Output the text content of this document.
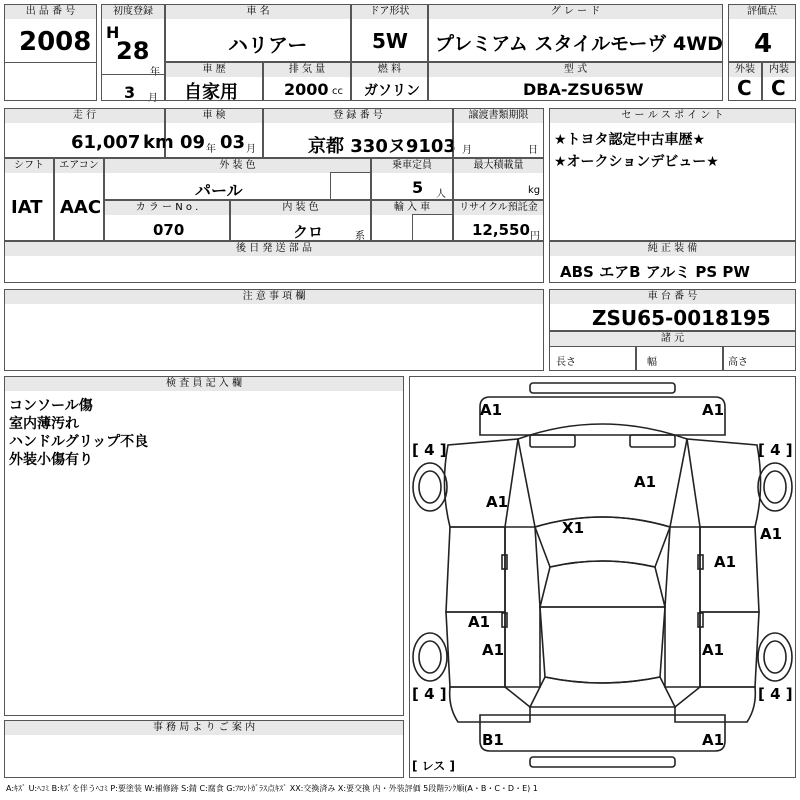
出 品 番 号
2008
初度登録
H
28
年
3 月
車 名
ハリアー
ドア形状
5W
グ レ ー ド
プレミアム スタイルモーヴ 4WD
評価点
4
車 歴
自家用
排 気 量
2000 cc
燃 料
ガソリン
型 式
DBA-ZSU65W
外装
C
内装
C
走 行
61,007 km
車 検
09 年 03 月
登 録 番 号
京都 330ヌ9103
譲渡書類期限
月	日
セ ー ル ス ポ イ ン ト
★トヨタ認定中古車歴★
★オークションデビュー★
シフト
IAT
エアコン
AAC
外 装 色
パール
乗車定員
5 人
最大積載量
kg
カ ラ ー N o .
070
内 装 色
クロ	系
輸 入 車	リサイクル預託金
12,550 円
後 日 発 送 部 品	純 正 装 備
ABS エアB アルミ PS PW
注 意 事 項 欄	車 台 番 号
ZSU65-0018195
諸 元
長さ	幅	高さ
検 査 員 記 入 欄
コンソール傷
室内薄汚れ
ハンドルグリップ不良
外装小傷有り
事 務 局 よ り ご 案 内
A1	A1
[ 4 ]	[ 4 ]
A1
A1
A1
X1
A1
A1
A1	A1
[ 4 ]	[ 4 ]
B1	A1
[ レス ]
A:ｷｽﾞ U:ﾍｺﾐ B:ｷｽﾞを伴うﾍｺﾐ P:要塗装 W:補修跡 S:錆 C:腐食 G:ﾌﾛﾝﾄｶﾞﾗｽ点ｷｽﾞ XX:交換済み X:要交換 内・外装評価 5段階ﾗﾝｸ順(A・B・C・D・E) 1
